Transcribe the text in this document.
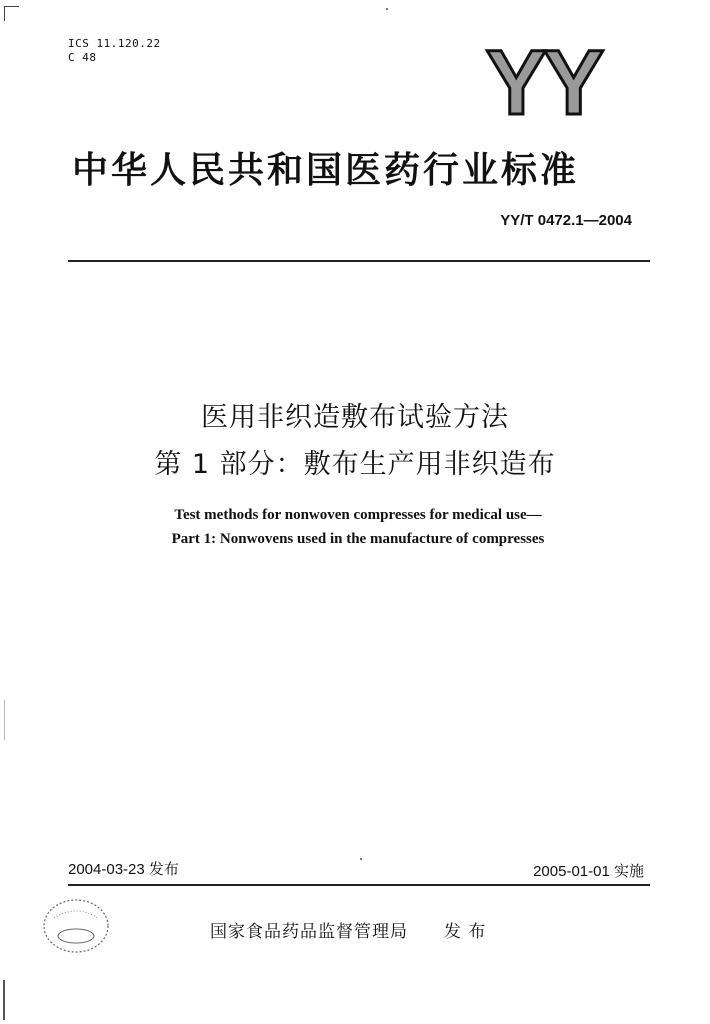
ICS 11.120.22
C 48	YY
中华人民共和国医药行业标准
YY/T 0472.1—2004
医用非织造敷布试验方法
第 1 部分：敷布生产用非织造布
Test methods for nonwoven compresses for medical use—
Part 1: Nonwovens used in the manufacture of compresses
2004-03-23 发布	2005-01-01 实施
国家食品药品监督管理局　　发 布
